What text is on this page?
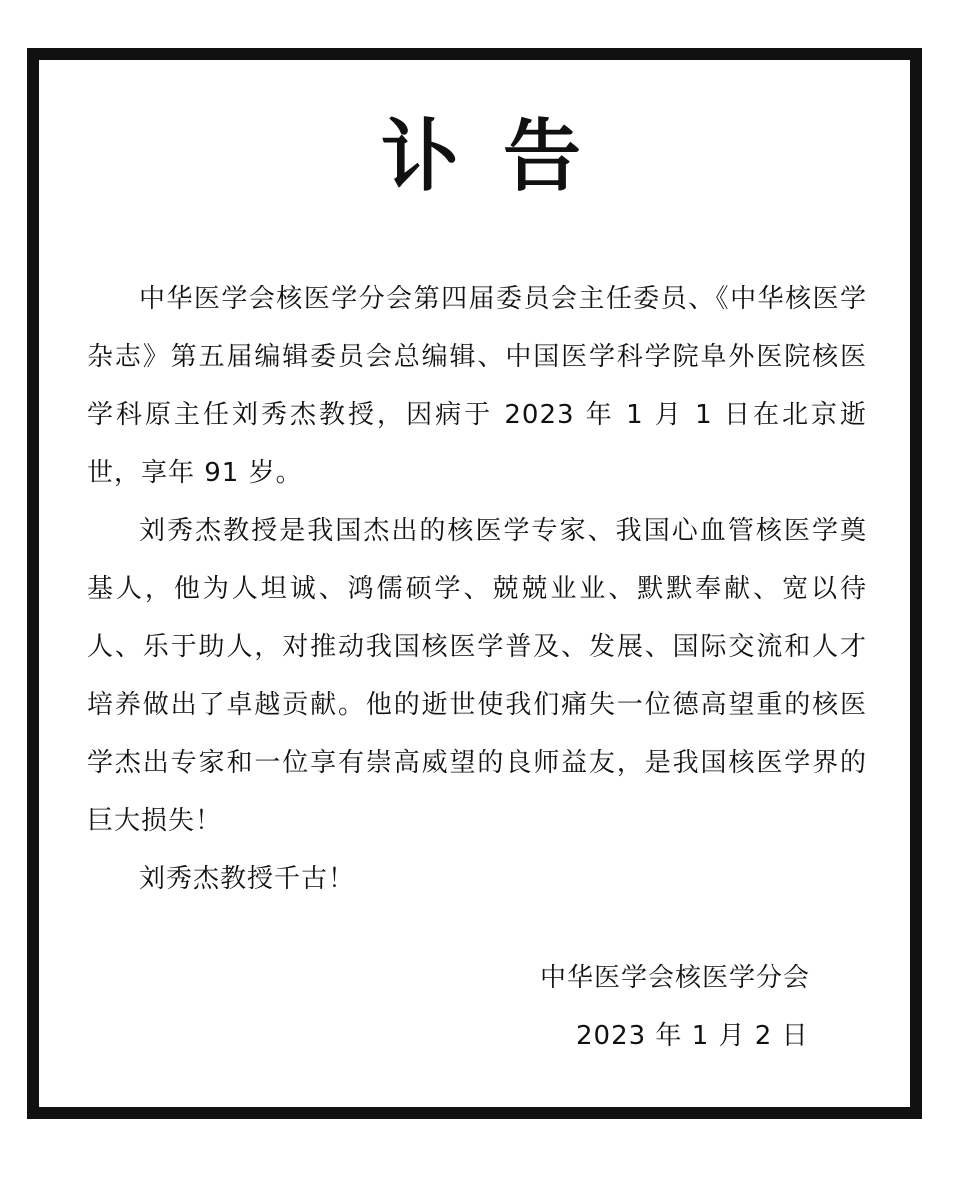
讣告

中华医学会核医学分会第四届委员会主任委员、《中华核医学杂志》第五届编辑委员会总编辑、中国医学科学院阜外医院核医学科原主任刘秀杰教授，因病于 2023 年 1 月 1 日在北京逝世，享年 91 岁。

刘秀杰教授是我国杰出的核医学专家、我国心血管核医学奠基人，他为人坦诚、鸿儒硕学、兢兢业业、默默奉献、宽以待人、乐于助人，对推动我国核医学普及、发展、国际交流和人才培养做出了卓越贡献。他的逝世使我们痛失一位德高望重的核医学杰出专家和一位享有崇高威望的良师益友，是我国核医学界的巨大损失！

刘秀杰教授千古！

中华医学会核医学分会

2023 年 1 月 2 日
